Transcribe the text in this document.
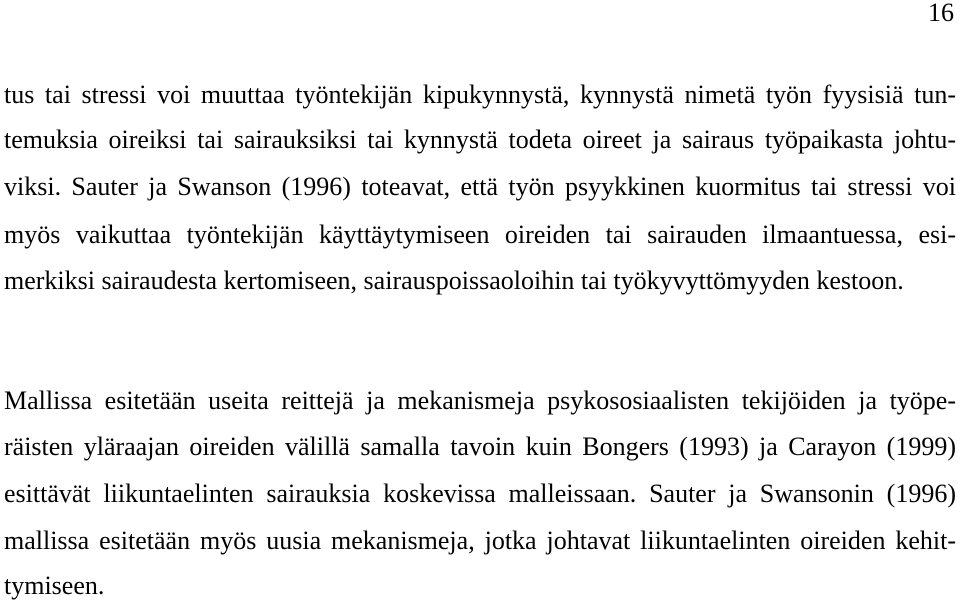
16
tus tai stressi voi muuttaa työntekijän kipukynnystä, kynnystä nimetä työn fyysisiä tun-
temuksia oireiksi tai sairauksiksi tai kynnystä todeta oireet ja sairaus työpaikasta johtu-
viksi. Sauter ja Swanson (1996) toteavat, että työn psyykkinen kuormitus tai stressi voi
myös vaikuttaa työntekijän käyttäytymiseen oireiden tai sairauden ilmaantuessa, esi-
merkiksi sairaudesta kertomiseen, sairauspoissaoloihin tai työkyvyttömyyden kestoon.
Mallissa esitetään useita reittejä ja mekanismeja psykososiaalisten tekijöiden ja työpe-
räisten yläraajan oireiden välillä samalla tavoin kuin Bongers (1993) ja Carayon (1999)
esittävät liikuntaelinten sairauksia koskevissa malleissaan. Sauter ja Swansonin (1996)
mallissa esitetään myös uusia mekanismeja, jotka johtavat liikuntaelinten oireiden kehit-
tymiseen.
